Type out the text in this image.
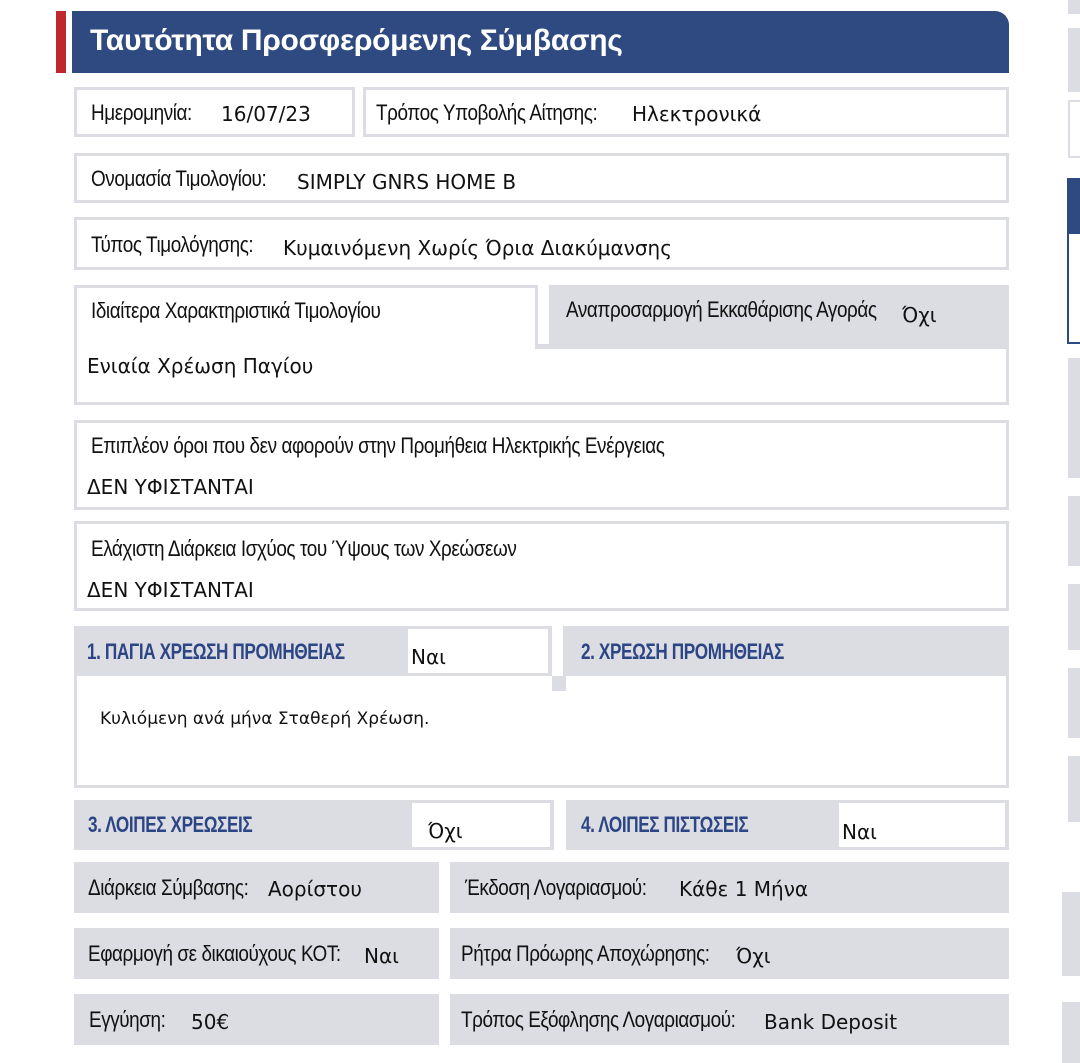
Ταυτότητα Προσφερόμενης Σύμβασης
Ημερομηνία: 16/07/23	Τρόπος Υποβολής Αίτησης: Ηλεκτρονικά
Ονομασία Τιμολογίου: SIMPLY GNRS HOME B
Τύπος Τιμολόγησης: Κυμαινόμενη Χωρίς Όρια Διακύμανσης
Ιδιαίτερα Χαρακτηριστικά Τιμολογίου
Ενιαία Χρέωση Παγίου
Αναπροσαρμογή Εκκαθάρισης Αγοράς Όχι
Επιπλέον όροι που δεν αφορούν στην Προμήθεια Ηλεκτρικής Ενέργειας
ΔΕΝ ΥΦΙΣΤΑΝΤΑΙ
Ελάχιστη Διάρκεια Ισχύος του Ύψους των Χρεώσεων
ΔΕΝ ΥΦΙΣΤΑΝΤΑΙ
1. ΠΑΓΙΑ ΧΡΕΩΣΗ ΠΡΟΜΗΘΕΙΑΣ	Ναι	2. ΧΡΕΩΣΗ ΠΡΟΜΗΘΕΙΑΣ
Κυλιόμενη ανά μήνα Σταθερή Χρέωση.
3. ΛΟΙΠΕΣ ΧΡΕΩΣΕΙΣ	Όχι	4. ΛΟΙΠΕΣ ΠΙΣΤΩΣΕΙΣ	Ναι
Διάρκεια Σύμβασης: Αορίστου	Έκδοση Λογαριασμού: Κάθε 1 Μήνα
Εφαρμογή σε δικαιούχους ΚΟΤ: Ναι	Ρήτρα Πρόωρης Αποχώρησης: Όχι
Εγγύηση: 50€	Τρόπος Εξόφλησης Λογαριασμού: Bank Deposit
